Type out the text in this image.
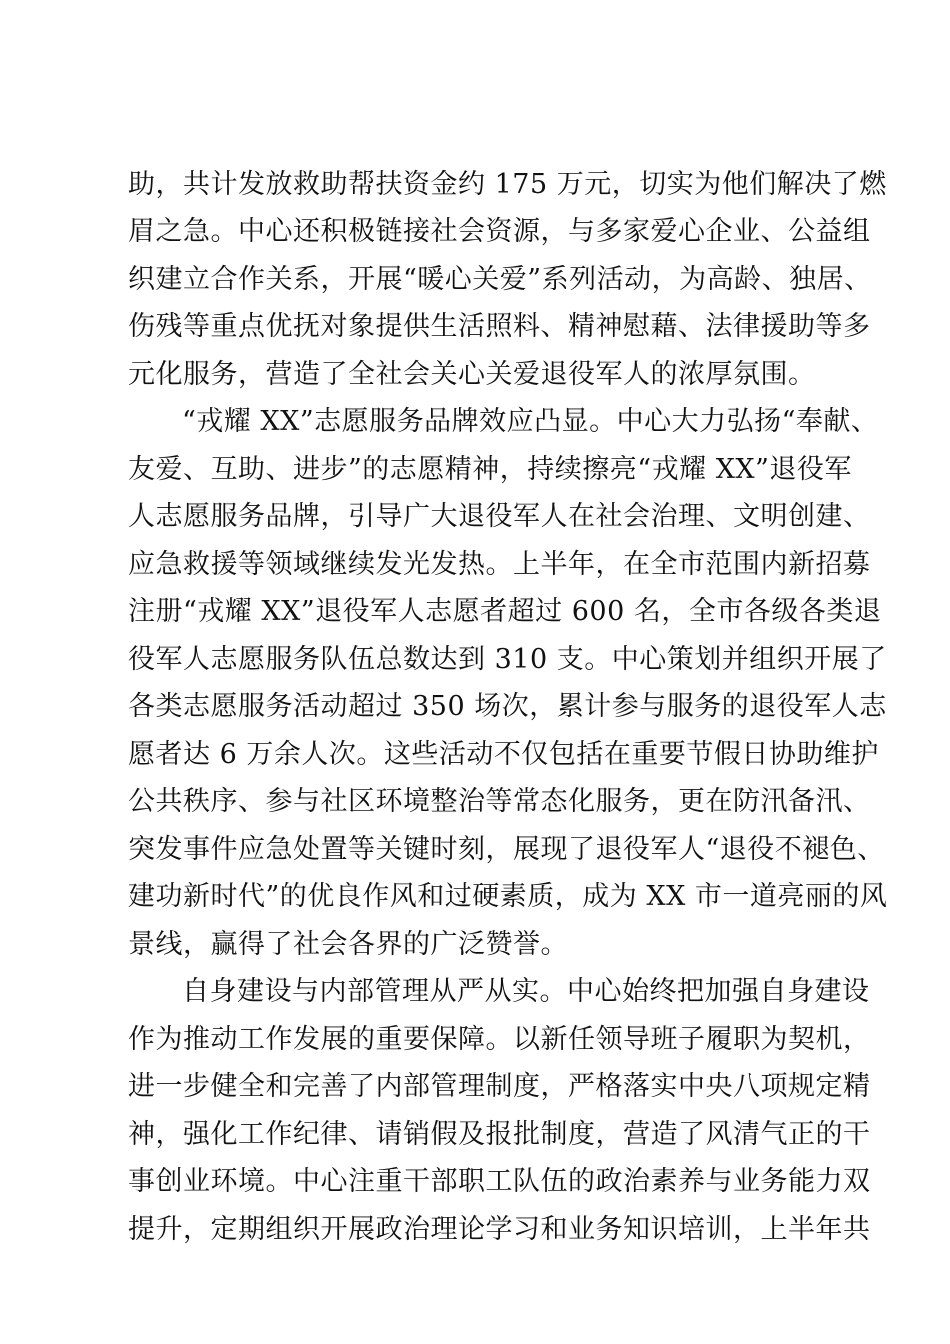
助，共计发放救助帮扶资金约 175 万元，切实为他们解决了燃
眉之急。中心还积极链接社会资源，与多家爱心企业、公益组
织建立合作关系，开展“暖心关爱”系列活动，为高龄、独居、
伤残等重点优抚对象提供生活照料、精神慰藉、法律援助等多
元化服务，营造了全社会关心关爱退役军人的浓厚氛围。
“戎耀 XX”志愿服务品牌效应凸显。中心大力弘扬“奉献、
友爱、互助、进步”的志愿精神，持续擦亮“戎耀 XX”退役军
人志愿服务品牌，引导广大退役军人在社会治理、文明创建、
应急救援等领域继续发光发热。上半年，在全市范围内新招募
注册“戎耀 XX”退役军人志愿者超过 600 名，全市各级各类退
役军人志愿服务队伍总数达到 310 支。中心策划并组织开展了
各类志愿服务活动超过 350 场次，累计参与服务的退役军人志
愿者达 6 万余人次。这些活动不仅包括在重要节假日协助维护
公共秩序、参与社区环境整治等常态化服务，更在防汛备汛、
突发事件应急处置等关键时刻，展现了退役军人“退役不褪色、
建功新时代”的优良作风和过硬素质，成为 XX 市一道亮丽的风
景线，赢得了社会各界的广泛赞誉。
自身建设与内部管理从严从实。中心始终把加强自身建设
作为推动工作发展的重要保障。以新任领导班子履职为契机，
进一步健全和完善了内部管理制度，严格落实中央八项规定精
神，强化工作纪律、请销假及报批制度，营造了风清气正的干
事创业环境。中心注重干部职工队伍的政治素养与业务能力双
提升，定期组织开展政治理论学习和业务知识培训，上半年共
